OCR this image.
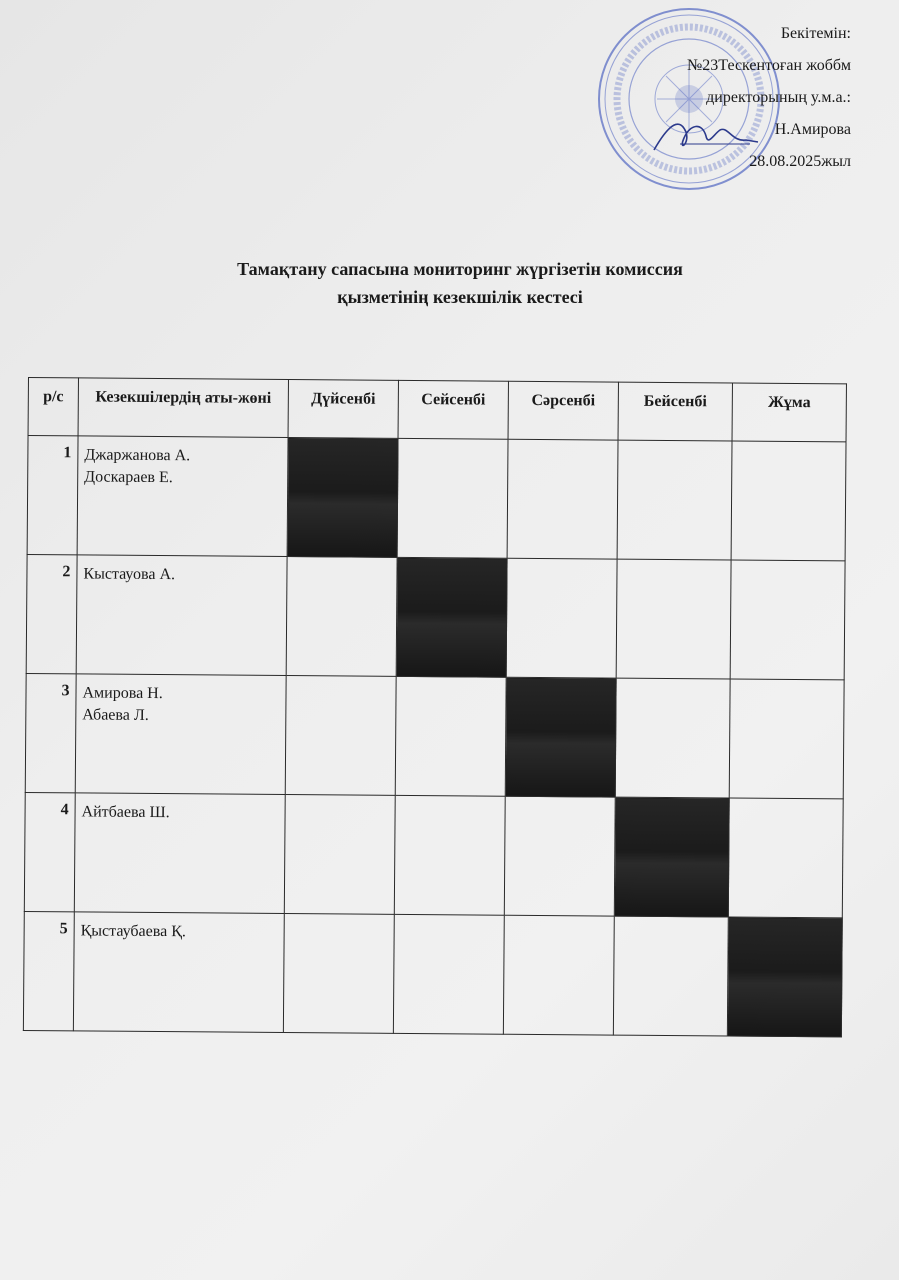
Бекітемін:
№23Тескентоған жоббм
директорының у.м.а.:
Н.Амирова
28.08.2025жыл
Тамақтану сапасына мониторинг жүргізетін комиссия
қызметінің кезекшілік кестесі
р/с	Кезекшілердің аты-жөні	Дүйсенбі	Сейсенбі	Сәрсенбі	Бейсенбі	Жұма
1	Джаржанова А.
Доскараев Е.					

2	Кыстауова А.					

3	Амирова Н.
Абаева Л.					

4	Айтбаева Ш.					

5	Қыстаубаева Қ.					
